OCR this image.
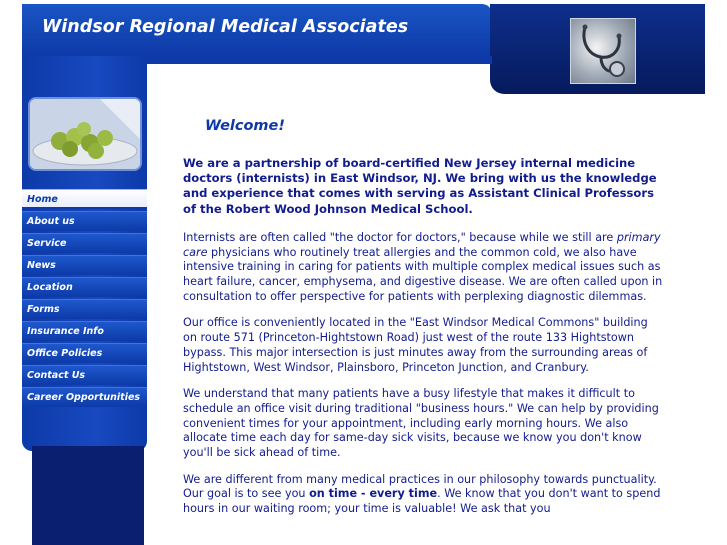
Windsor Regional Medical Associates
Home
About us
Service
News
Location
Forms
Insurance Info
Office Policies
Contact Us
Career Opportunities
Welcome!

We are a partnership of board-certified New Jersey internal medicine doctors (internists) in East Windsor, NJ. We bring with us the knowledge and experience that comes with serving as Assistant Clinical Professors of the Robert Wood Johnson Medical School.

Internists are often called "the doctor for doctors," because while we still are primary care physicians who routinely treat allergies and the common cold, we also have intensive training in caring for patients with multiple complex medical issues such as heart failure, cancer, emphysema, and digestive disease. We are often called upon in
consultation to offer perspective for patients with perplexing diagnostic dilemmas.

Our office is conveniently located in the "East Windsor Medical Commons" building on route 571 (Princeton-Hightstown Road) just west of the route 133 Hightstown bypass. This major intersection is just minutes away from the surrounding areas of Hightstown, West Windsor, Plainsboro, Princeton Junction, and Cranbury.

We understand that many patients have a busy lifestyle that makes it difficult to schedule an office visit during traditional "business hours." We can help by providing convenient times for your appointment, including early morning hours. We also allocate time each day for same-day sick visits, because we know you don't know you'll be sick ahead of time.

We are different from many medical practices in our philosophy towards punctuality. Our goal is to see you on time - every time. We know that you don't want to spend hours in our waiting room; your time is valuable! We ask that you
